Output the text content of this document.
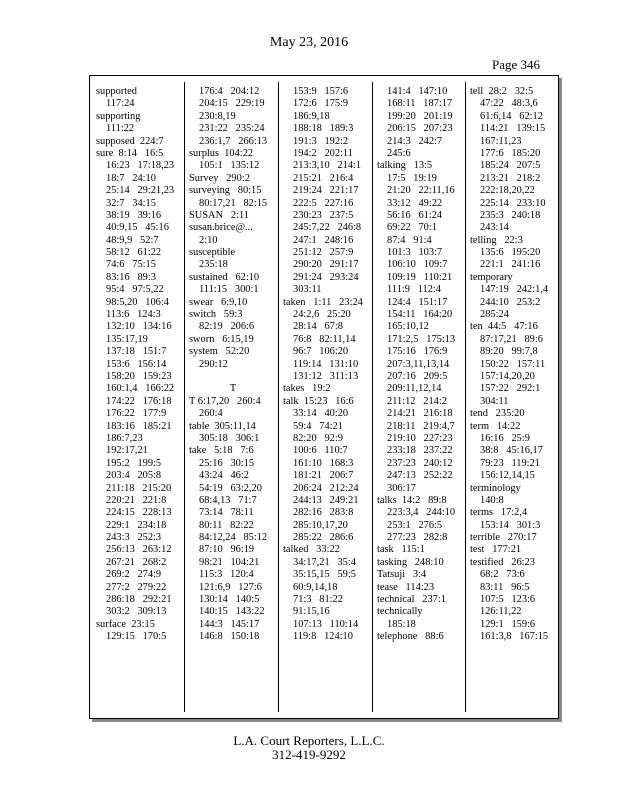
May 23, 2016
Page 346
supported
117:24
supporting
111:22
supposed  224:7
sure  8:14   16:5
16:23   17:18,23
18:7   24:10
25:14   29:21,23
32:7   34:15
38:19   39:16
40:9,15   45:16
48:9,9   52:7
58:12   61:22
74:6   75:15
83:16   89:3
95:4   97:5,22
98:5,20   106:4
113:6   124:3
132:10   134:16
135:17,19
137:18   151:7
153:6   156:14
158:20   159:23
160:1,4   166:22
174:22   176:18
176:22   177:9
183:16   185:21
186:7,23
192:17,21
195:2   199:5
203:4   205:8
211:18   215:20
220:21   221:8
224:15   228:13
229:1   234:18
243:3   252:3
256:13   263:12
267:21   268:2
269:2   274:9
277:2   279:22
286:18   292:21
303:2   309:13
surface  23:15
129:15   170:5
176:4   204:12
204:15   229:19
230:8,19
231:22   235:24
236:1,7   266:13
surplus  104:22
105:1   135:12
Survey   290:2
surveying   80:15
80:17,21   82:15
SUSAN   2:11
susan.brice@...
2:10
susceptible
235:18
sustained   62:10
111:15   300:1
swear   6:9,10
switch   59:3
82:19   206:6
sworn   6:15,19
system   52:20
290:12
T
T 6:17,20   260:4
260:4
table  305:11,14
305:18   306:1
take   5:18   7:6
25:16   30:15
43:24   46:2
54:19   63:2,20
68:4,13   71:7
73:14   78:11
80:11   82:22
84:12,24   85:12
87:10   96:19
98:21   104:21
115:3   120:4
121:6,9   127:6
130:14   140:5
140:15   143:22
144:3   145:17
146:8   150:18
153:9   157:6
172:6   175:9
186:9,18
188:18   189:3
191:3   192:2
194:2   202:11
213:3,10   214:1
215:21   216:4
219:24   221:17
222:5   227:16
230:23   237:5
245:7,22   246:8
247:1   248:16
251:12   257:9
290:20   291:17
291:24   293:24
303:11
taken   1:11   23:24
24:2,6   25:20
28:14   67:8
76:8   82:11,14
96:7   106:20
119:14   131:10
131:12   311:13
takes   19:2
talk  15:23   16:6
33:14   40:20
59:4   74:21
82:20   92:9
100:6   110:7
161:10   168:3
181:21   206:7
206:24   212:24
244:13   249:21
282:16   283:8
285:10,17,20
285:22   286:6
talked   33:22
34:17,21   35:4
35:15,15   59:5
60:9,14,18
71:3   81:22
91:15,16
107:13   110:14
119:8   124:10
141:4   147:10
168:11   187:17
199:20   201:19
206:15   207:23
214:3   242:7
245:6
talking   13:5
17:5   19:19
21:20   22:11,16
33:12   49:22
56:16   61:24
69:22   70:1
87:4   91:4
101:3   103:7
106:10   109:7
109:19   110:21
111:9   112:4
124:4   151:17
154:11   164:20
165:10,12
171:2,5   175:13
175:16   176:9
207:3,11,13,14
207:16   209:5
209:11,12,14
211:12   214:2
214:21   216:18
218:11   219:4,7
219:10   227:23
233:18   237:22
237:23   240:12
247:13   252:22
306:17
talks  14:2   89:8
223:3,4   244:10
253:1   276:5
277:23   282:8
task   115:1
tasking   248:10
Tatsuji   3:4
tease   114:23
technical   237:1
technically
185:18
telephone   88:6
tell  28:2   32:5
47:22   48:3,6
61:6,14   62:12
114:21   139:15
167:11,23
177:6   185:20
185:24   207:5
213:21   218:2
222:18,20,22
225:14   233:10
235:3   240:18
243:14
telling   22:3
135:6   195:20
221:1   241:16
temporary
147:19   242:1,4
244:10   253:2
285:24
ten  44:5   47:16
87:17,21   89:6
89:20   99:7,8
150:22   157:11
157:14,20,20
157:22   292:1
304:11
tend   235:20
term   14:22
16:16   25:9
38:8   45:16,17
79:23   119:21
156:12,14,15
terminology
140:8
terms   17:2,4
153:14   301:3
terrible   270:17
test   177:21
testified   26:23
68:2   73:6
83:11   96:5
107:5   123:6
126:11,22
129:1   159:6
161:3,8   167:15
L.A. Court Reporters, L.L.C.
312-419-9292
